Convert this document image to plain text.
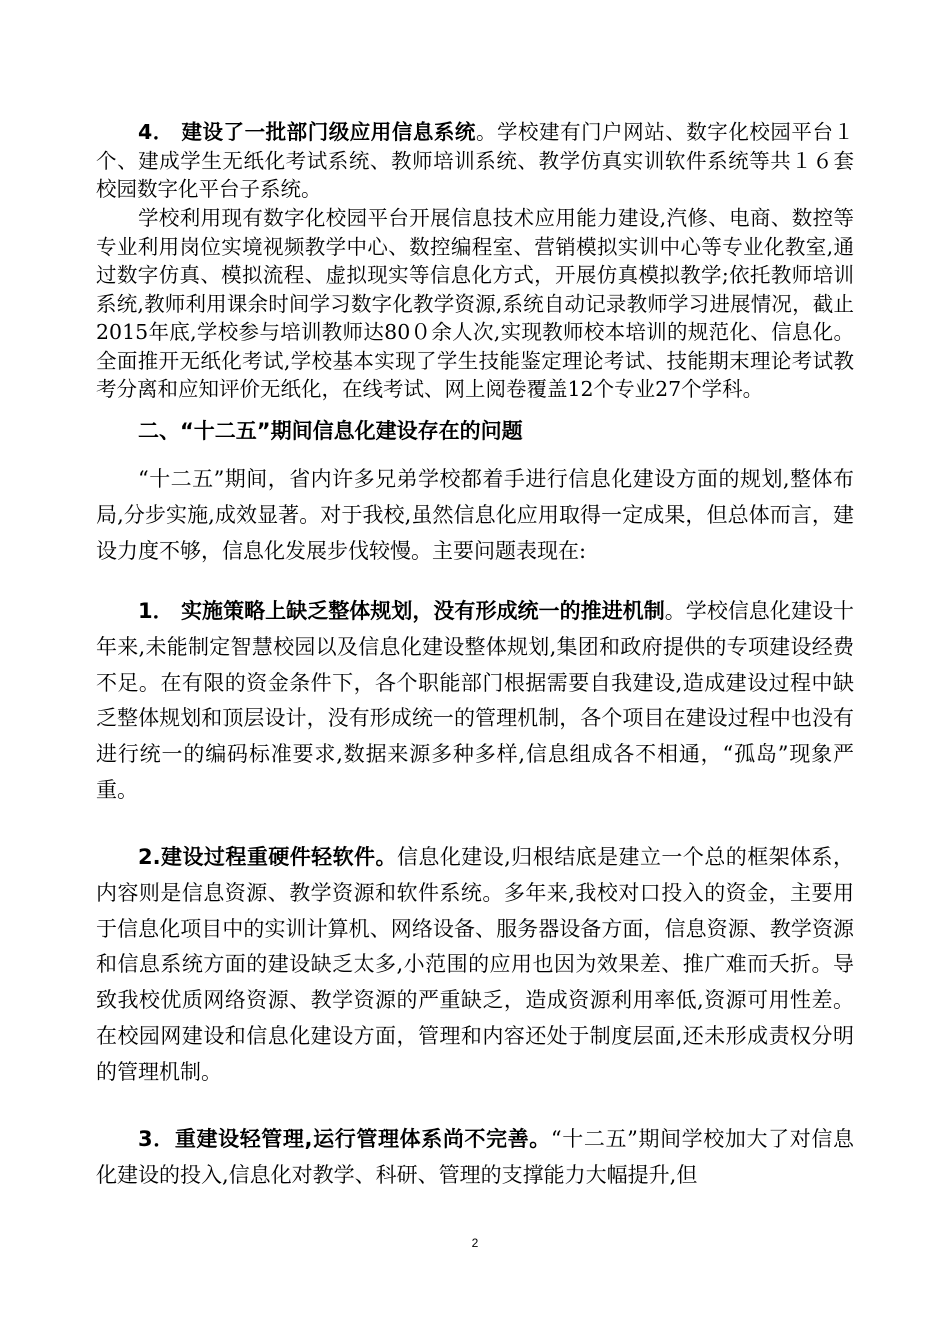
4． 建设了一批部门级应用信息系统。学校建有门户网站、数字化校园平台１个、建成学生无纸化考试系统、教师培训系统、教学仿真实训软件系统等共１６套校园数字化平台子系统。

学校利用现有数字化校园平台开展信息技术应用能力建设,汽修、电商、数控等专业利用岗位实境视频教学中心、数控编程室、营销模拟实训中心等专业化教室,通过数字仿真、模拟流程、虚拟现实等信息化方式，开展仿真模拟教学;依托教师培训系统,教师利用课余时间学习数字化教学资源,系统自动记录教师学习进展情况，截止2015年底,学校参与培训教师达80０余人次,实现教师校本培训的规范化、信息化。全面推开无纸化考试,学校基本实现了学生技能鉴定理论考试、技能期末理论考试教考分离和应知评价无纸化，在线考试、网上阅卷覆盖12个专业27个学科。

二、“十二五”期间信息化建设存在的问题

“十二五”期间，省内许多兄弟学校都着手进行信息化建设方面的规划,整体布局,分步实施,成效显著。对于我校,虽然信息化应用取得一定成果，但总体而言，建设力度不够，信息化发展步伐较慢。主要问题表现在:

1． 实施策略上缺乏整体规划，没有形成统一的推进机制。学校信息化建设十年来,未能制定智慧校园以及信息化建设整体规划,集团和政府提供的专项建设经费不足。在有限的资金条件下，各个职能部门根据需要自我建设,造成建设过程中缺乏整体规划和顶层设计，没有形成统一的管理机制，各个项目在建设过程中也没有进行统一的编码标准要求,数据来源多种多样,信息组成各不相通，“孤岛”现象严重。

2.建设过程重硬件轻软件。信息化建设,归根结底是建立一个总的框架体系，内容则是信息资源、教学资源和软件系统。多年来,我校对口投入的资金，主要用于信息化项目中的实训计算机、网络设备、服务器设备方面，信息资源、教学资源和信息系统方面的建设缺乏太多,小范围的应用也因为效果差、推广难而夭折。导致我校优质网络资源、教学资源的严重缺乏，造成资源利用率低,资源可用性差。在校园网建设和信息化建设方面，管理和内容还处于制度层面,还未形成责权分明的管理机制。

3．重建设轻管理,运行管理体系尚不完善。“十二五”期间学校加大了对信息化建设的投入,信息化对教学、科研、管理的支撑能力大幅提升,但

2
